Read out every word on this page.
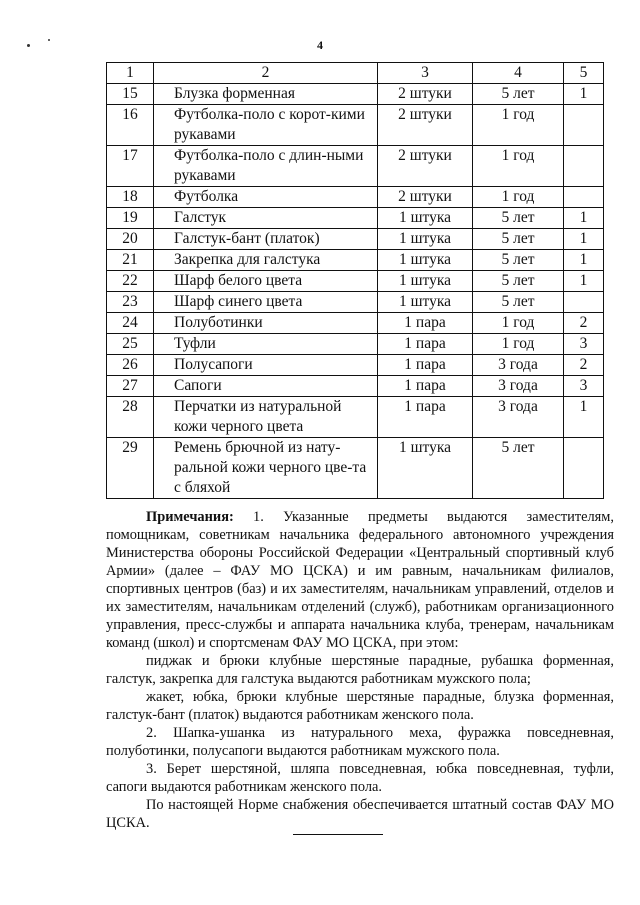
4
1	2	3	4	5
15	Блузка форменная	2 штуки	5 лет	1
16	Футболка-поло с корот-кими рукавами	2 штуки	1 год	
17	Футболка-поло с длин-ными рукавами	2 штуки	1 год	
18	Футболка	2 штуки	1 год	
19	Галстук	1 штука	5 лет	1
20	Галстук-бант (платок)	1 штука	5 лет	1
21	Закрепка для галстука	1 штука	5 лет	1
22	Шарф белого цвета	1 штука	5 лет	1
23	Шарф синего цвета	1 штука	5 лет	
24	Полуботинки	1 пара	1 год	2
25	Туфли	1 пара	1 год	3
26	Полусапоги	1 пара	3 года	2
27	Сапоги	1 пара	3 года	3
28	Перчатки из натуральной кожи черного цвета	1 пара	3 года	1
29	Ремень брючной из нату-ральной кожи черного цве-та с бляхой	1 штука	5 лет	

Примечания: 1. Указанные предметы выдаются заместителям, помощникам, советникам начальника федерального автономного учреждения Министерства обороны Российской Федерации «Центральный спортивный клуб Армии» (далее – ФАУ МО ЦСКА) и им равным, начальникам филиалов, спортивных центров (баз) и их заместителям, начальникам управлений, отделов и их заместителям, начальникам отделений (служб), работникам организационного управления, пресс-службы и аппарата начальника клуба, тренерам, начальникам команд (школ) и спортсменам ФАУ МО ЦСКА, при этом:

пиджак и брюки клубные шерстяные парадные, рубашка форменная, галстук, закрепка для галстука выдаются работникам мужского пола;

жакет, юбка, брюки клубные шерстяные парадные, блузка форменная, галстук-бант (платок) выдаются работникам женского пола.

2. Шапка-ушанка из натурального меха, фуражка повседневная, полуботинки, полусапоги выдаются работникам мужского пола.

3. Берет шерстяной, шляпа повседневная, юбка повседневная, туфли, сапоги выдаются работникам женского пола.

По настоящей Норме снабжения обеспечивается штатный состав ФАУ МО ЦСКА.
